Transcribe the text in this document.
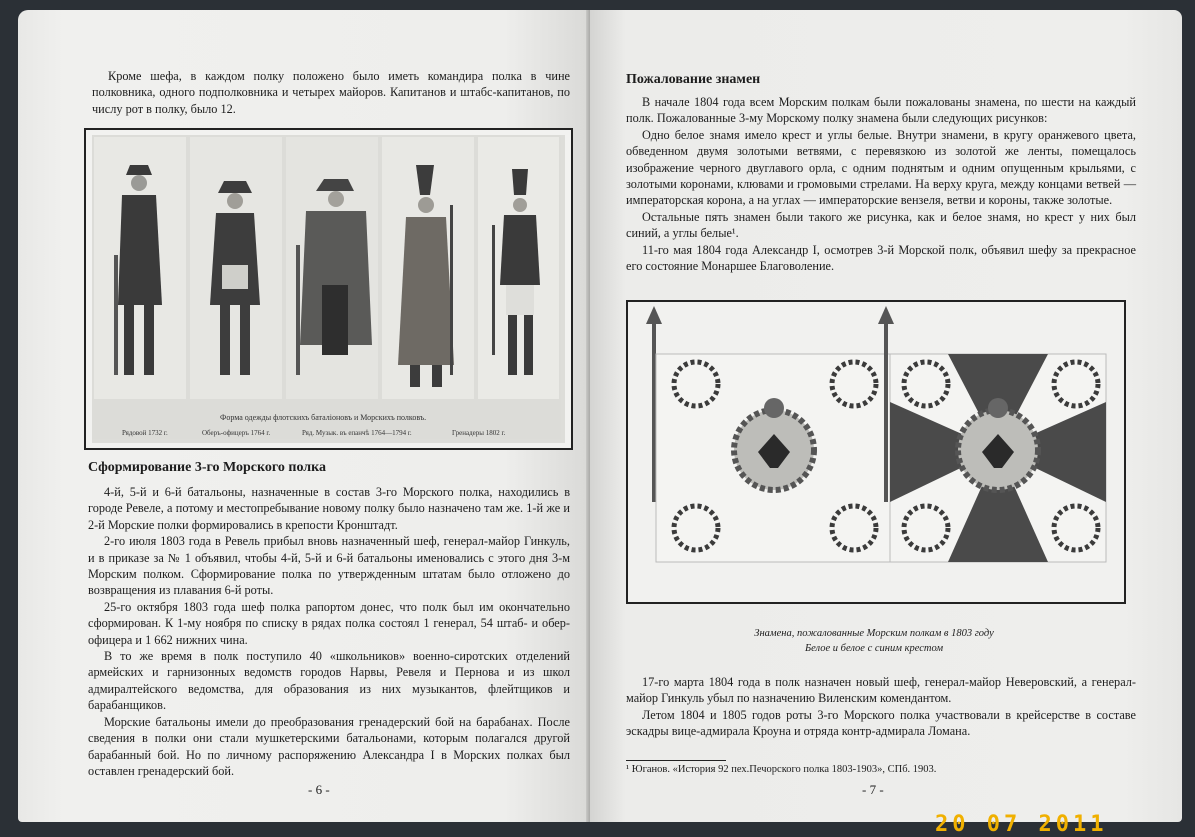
Кроме шефа, в каждом полку положено было иметь командира полка в чине полковника, одного подполковника и четырех майоров. Капитанов и штабс-капитанов, по числу рот в полку, было 12.

Форма одежды флотскихъ баталіоновъ и Морскихъ полковъ.
Рядовой 1732 г.	Оберъ-офицеръ 1764 г.	Ряд. Музык. въ епанчѣ 1764—1794 г.	Гренадеры 1802 г.
Сформирование 3-го Морского полка

4-й, 5-й и 6-й батальоны, назначенные в состав 3-го Морского полка, находились в городе Ревеле, а потому и местопребывание новому полку было назначено там же. 1-й же и 2-й Морские полки формировались в крепости Кронштадт.

2-го июля 1803 года в Ревель прибыл вновь назначенный шеф, генерал-майор Гинкуль, и в приказе за № 1 объявил, чтобы 4-й, 5-й и 6-й батальоны именовались с этого дня 3-м Морским полком. Сформирование полка по утвержденным штатам было отложено до возвращения из плавания 6-й роты.

25-го октября 1803 года шеф полка рапортом донес, что полк был им окончательно сформирован. К 1-му ноября по списку в рядах полка состоял 1 генерал, 54 штаб- и обер-офицера и 1 662 нижних чина.

В то же время в полк поступило 40 «школьников» военно-сиротских отделений армейских и гарнизонных ведомств городов Нарвы, Ревеля и Пернова и из школ адмиралтейского ведомства, для образования из них музыкантов, флейтщиков и барабанщиков.

Морские батальоны имели до преобразования гренадерский бой на барабанах. После сведения в полки они стали мушкетерскими батальонами, которым полагался другой барабанный бой. Но по личному распоряжению Александра I в Морских полках был оставлен гренадерский бой.

- 6 -
Пожалование знамен

В начале 1804 года всем Морским полкам были пожалованы знамена, по шести на каждый полк. Пожалованные 3-му Морскому полку знамена были следующих рисунков:

Одно белое знамя имело крест и углы белые. Внутри знамени, в кругу оранжевого цвета, обведенном двумя золотыми ветвями, с перевязкою из золотой же ленты, помещалось изображение черного двуглавого орла, с одним поднятым и одним опущенным крыльями, с золотыми коронами, клювами и громовыми стрелами. На верху круга, между концами ветвей — императорская корона, а на углах — императорские вензеля, ветви и короны, также золотые.

Остальные пять знамен были такого же рисунка, как и белое знамя, но крест у них был синий, а углы белые¹.

11-го мая 1804 года Александр I, осмотрев 3-й Морской полк, объявил шефу за прекрасное его состояние Монаршее Благоволение.

Знамена, пожалованные Морским полкам в 1803 году
Белое и белое с синим крестом

17-го марта 1804 года в полк назначен новый шеф, генерал-майор Неверовский, а генерал-майор Гинкуль убыл по назначению Виленским комендантом.

Летом 1804 и 1805 годов роты 3-го Морского полка участвовали в крейсерстве в составе эскадры вице-адмирала Кроуна и отряда контр-адмирала Ломана.

¹ Юганов. «История 92 пех.Печорского полка 1803-1903», СПб. 1903.
- 7 -
20 07 2011
